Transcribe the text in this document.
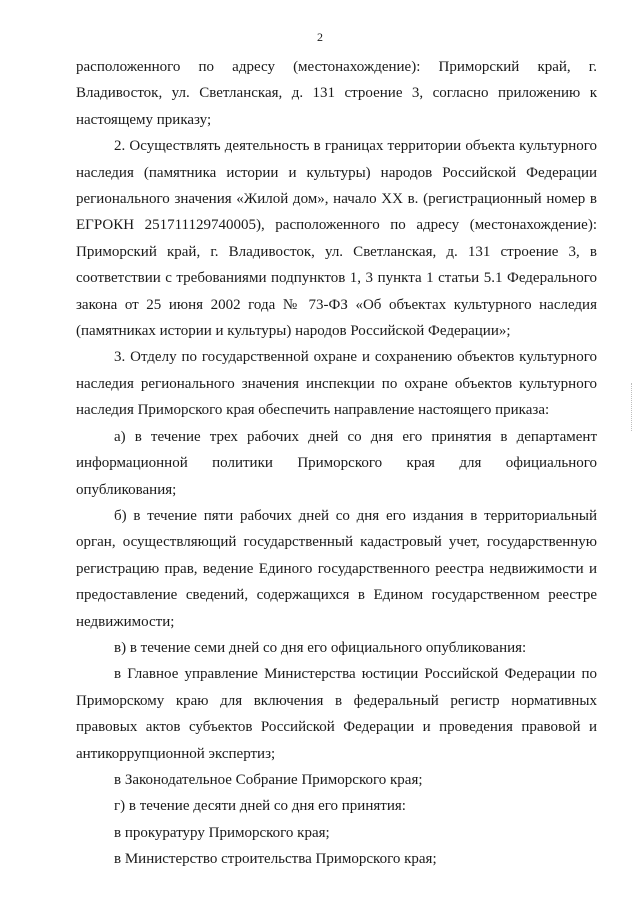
2

расположенного по адресу (местонахождение): Приморский край, г. Владивосток, ул. Светланская, д. 131 строение 3, согласно приложению к настоящему приказу;

2. Осуществлять деятельность в границах территории объекта культурного наследия (памятника истории и культуры) народов Российской Федерации регионального значения «Жилой дом», начало XX в. (регистрационный номер в ЕГРОКН 251711129740005), расположенного по адресу (местонахождение): Приморский край, г. Владивосток, ул. Светланская, д. 131 строение 3, в соответствии с требованиями подпунктов 1, 3 пункта 1 статьи 5.1 Федерального закона от 25 июня 2002 года № 73-ФЗ «Об объектах культурного наследия (памятниках истории и культуры) народов Российской Федерации»;

3. Отделу по государственной охране и сохранению объектов культурного наследия регионального значения инспекции по охране объектов культурного наследия Приморского края обеспечить направление настоящего приказа:

а) в течение трех рабочих дней со дня его принятия в департамент информационной политики Приморского края для официального опубликования;

б) в течение пяти рабочих дней со дня его издания в территориальный орган, осуществляющий государственный кадастровый учет, государственную регистрацию прав, ведение Единого государственного реестра недвижимости и предоставление сведений, содержащихся в Едином государственном реестре недвижимости;

в) в течение семи дней со дня его официального опубликования:

в Главное управление Министерства юстиции Российской Федерации по Приморскому краю для включения в федеральный регистр нормативных правовых актов субъектов Российской Федерации и проведения правовой и антикоррупционной экспертиз;

в Законодательное Собрание Приморского края;

г) в течение десяти дней со дня его принятия:

в прокуратуру Приморского края;

в Министерство строительства Приморского края;
